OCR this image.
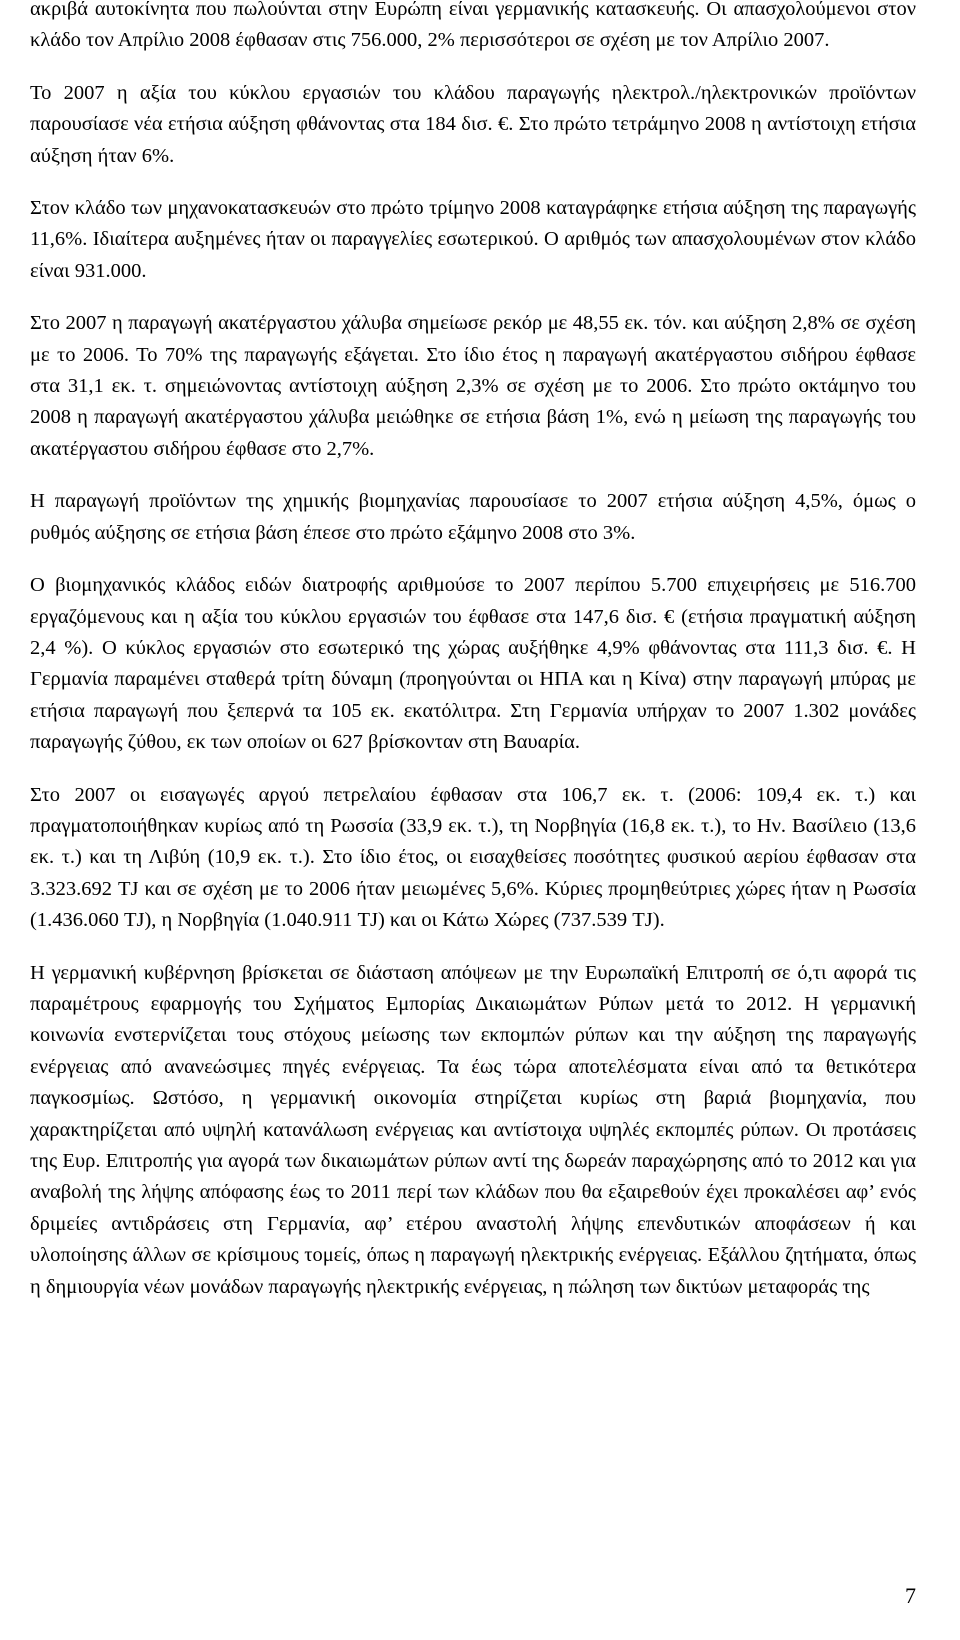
ακριβά αυτοκίνητα που πωλούνται στην Ευρώπη είναι γερμανικής κατασκευής. Οι απασχολούμενοι στον κλάδο τον Απρίλιο 2008 έφθασαν στις 756.000, 2% περισσότεροι σε σχέση με τον Απρίλιο 2007.

Το 2007 η αξία του κύκλου εργασιών του κλάδου παραγωγής ηλεκτρολ./ηλεκτρονικών προϊόντων παρουσίασε νέα ετήσια αύξηση φθάνοντας στα 184 δισ. €. Στο πρώτο τετράμηνο 2008 η αντίστοιχη ετήσια αύξηση ήταν 6%.

Στον κλάδο των μηχανοκατασκευών στο πρώτο τρίμηνο 2008 καταγράφηκε ετήσια αύξηση της παραγωγής 11,6%. Ιδιαίτερα αυξημένες ήταν οι παραγγελίες εσωτερικού. Ο αριθμός των απασχολουμένων στον κλάδο είναι 931.000.

Στο 2007 η παραγωγή ακατέργαστου χάλυβα σημείωσε ρεκόρ με 48,55 εκ. τόν. και αύξηση 2,8% σε σχέση με το 2006. Το 70% της παραγωγής εξάγεται. Στο ίδιο έτος η παραγωγή ακατέργαστου σιδήρου έφθασε στα 31,1 εκ. τ. σημειώνοντας αντίστοιχη αύξηση 2,3% σε σχέση με το 2006. Στο πρώτο οκτάμηνο του 2008 η παραγωγή ακατέργαστου χάλυβα μειώθηκε σε ετήσια βάση 1%, ενώ η μείωση της παραγωγής του ακατέργαστου σιδήρου έφθασε στο 2,7%.

Η παραγωγή προϊόντων της χημικής βιομηχανίας παρουσίασε το 2007 ετήσια αύξηση 4,5%, όμως ο ρυθμός αύξησης σε ετήσια βάση έπεσε στο πρώτο εξάμηνο 2008 στο 3%.

Ο βιομηχανικός κλάδος ειδών διατροφής αριθμούσε το 2007 περίπου 5.700 επιχειρήσεις με 516.700 εργαζόμενους και η αξία του κύκλου εργασιών του έφθασε στα 147,6 δισ. € (ετήσια πραγματική αύξηση 2,4 %). Ο κύκλος εργασιών στο εσωτερικό της χώρας αυξήθηκε 4,9% φθάνοντας στα 111,3 δισ. €. Η Γερμανία παραμένει σταθερά τρίτη δύναμη (προηγούνται οι ΗΠΑ και η Κίνα) στην παραγωγή μπύρας με ετήσια παραγωγή που ξεπερνά τα 105 εκ. εκατόλιτρα. Στη Γερμανία υπήρχαν το 2007 1.302 μονάδες παραγωγής ζύθου, εκ των οποίων οι 627 βρίσκονταν στη Βαυαρία.

Στο 2007 οι εισαγωγές αργού πετρελαίου έφθασαν στα 106,7 εκ. τ. (2006: 109,4 εκ. τ.) και πραγματοποιήθηκαν κυρίως από τη Ρωσσία (33,9 εκ. τ.), τη Νορβηγία (16,8 εκ. τ.), το Ην. Βασίλειο (13,6 εκ. τ.) και τη Λιβύη (10,9 εκ. τ.). Στο ίδιο έτος, οι εισαχθείσες ποσότητες φυσικού αερίου έφθασαν στα 3.323.692 TJ και σε σχέση με το 2006 ήταν μειωμένες 5,6%. Κύριες προμηθεύτριες χώρες ήταν η Ρωσσία (1.436.060 TJ), η Νορβηγία (1.040.911 TJ) και οι Κάτω Χώρες (737.539 TJ).

Η γερμανική κυβέρνηση βρίσκεται σε διάσταση απόψεων με την Ευρωπαϊκή Επιτροπή σε ό,τι αφορά τις παραμέτρους εφαρμογής του Σχήματος Εμπορίας Δικαιωμάτων Ρύπων μετά το 2012. Η γερμανική κοινωνία ενστερνίζεται τους στόχους μείωσης των εκπομπών ρύπων και την αύξηση της παραγωγής ενέργειας από ανανεώσιμες πηγές ενέργειας. Τα έως τώρα αποτελέσματα είναι από τα θετικότερα παγκοσμίως. Ωστόσο, η γερμανική οικονομία στηρίζεται κυρίως στη βαριά βιομηχανία, που χαρακτηρίζεται από υψηλή κατανάλωση ενέργειας και αντίστοιχα υψηλές εκπομπές ρύπων. Οι προτάσεις της Ευρ. Επιτροπής για αγορά των δικαιωμάτων ρύπων αντί της δωρεάν παραχώρησης από το 2012 και για αναβολή της λήψης απόφασης έως το 2011 περί των κλάδων που θα εξαιρεθούν έχει προκαλέσει αφ’ ενός δριμείες αντιδράσεις στη Γερμανία, αφ’ ετέρου αναστολή λήψης επενδυτικών αποφάσεων ή και υλοποίησης άλλων σε κρίσιμους τομείς, όπως η παραγωγή ηλεκτρικής ενέργειας. Εξάλλου ζητήματα, όπως η δημιουργία νέων μονάδων παραγωγής ηλεκτρικής ενέργειας, η πώληση των δικτύων μεταφοράς της

7
